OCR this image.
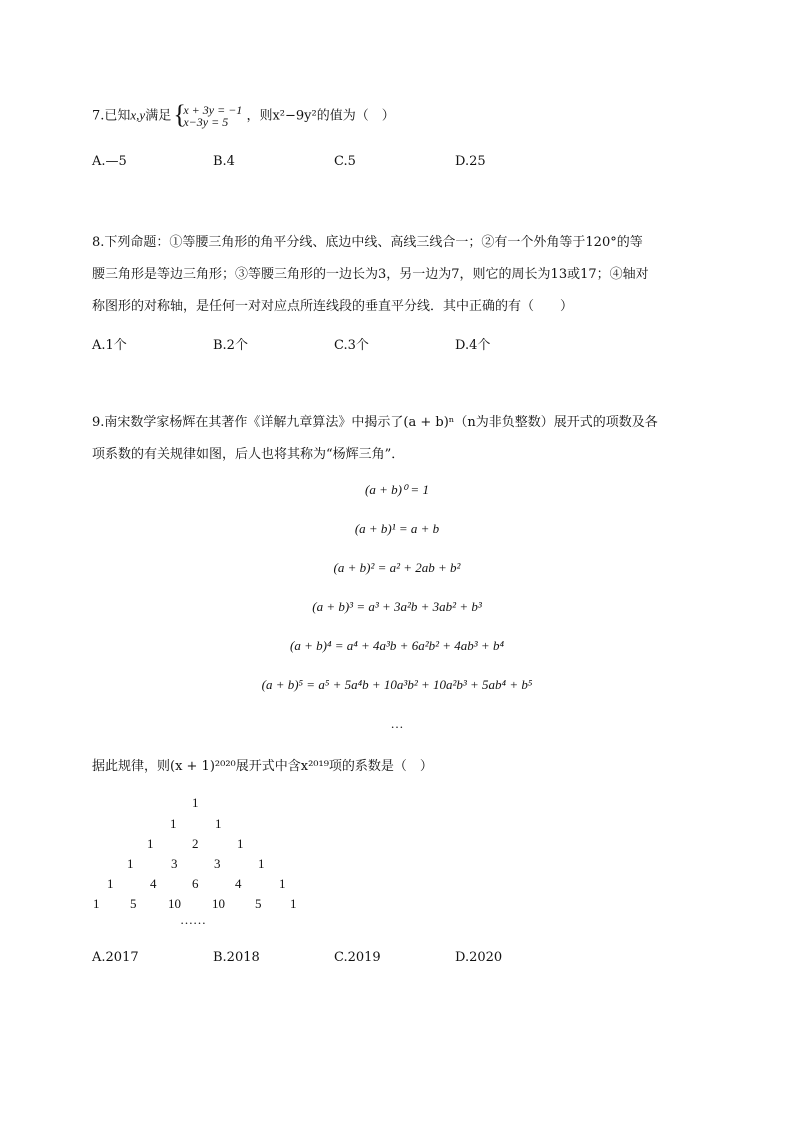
7.已知x,y满足
{ x + 3y = −1
x−3y = 5	，则x²−9y²的值为（　）
A.—5	B.4	C.5	D.25
8.下列命题：①等腰三角形的角平分线、底边中线、高线三线合一；②有一个外角等于120°的等
腰三角形是等边三角形；③等腰三角形的一边长为3，另一边为7，则它的周长为13或17；④轴对
称图形的对称轴，是任何一对对应点所连线段的垂直平分线．其中正确的有（　　）
A.1个	B.2个	C.3个	D.4个
9.南宋数学家杨辉在其著作《详解九章算法》中揭示了(a + b)ⁿ（n为非负整数）展开式的项数及各
项系数的有关规律如图，后人也将其称为“杨辉三角”．
(a + b)⁰ = 1
(a + b)¹ = a + b
(a + b)² = a² + 2ab + b²
(a + b)³ = a³ + 3a²b + 3ab² + b³
(a + b)⁴ = a⁴ + 4a³b + 6a²b² + 4ab³ + b⁴
(a + b)⁵ = a⁵ + 5a⁴b + 10a³b² + 10a²b³ + 5ab⁴ + b⁵
…
据此规律，则(x + 1)²⁰²⁰展开式中含x²⁰¹⁹项的系数是（　）
1
1	1
1	2	1
1	3	3	1
1	4	6	4	1
1 5 10 10 5 1
……
A.2017	B.2018	C.2019	D.2020
